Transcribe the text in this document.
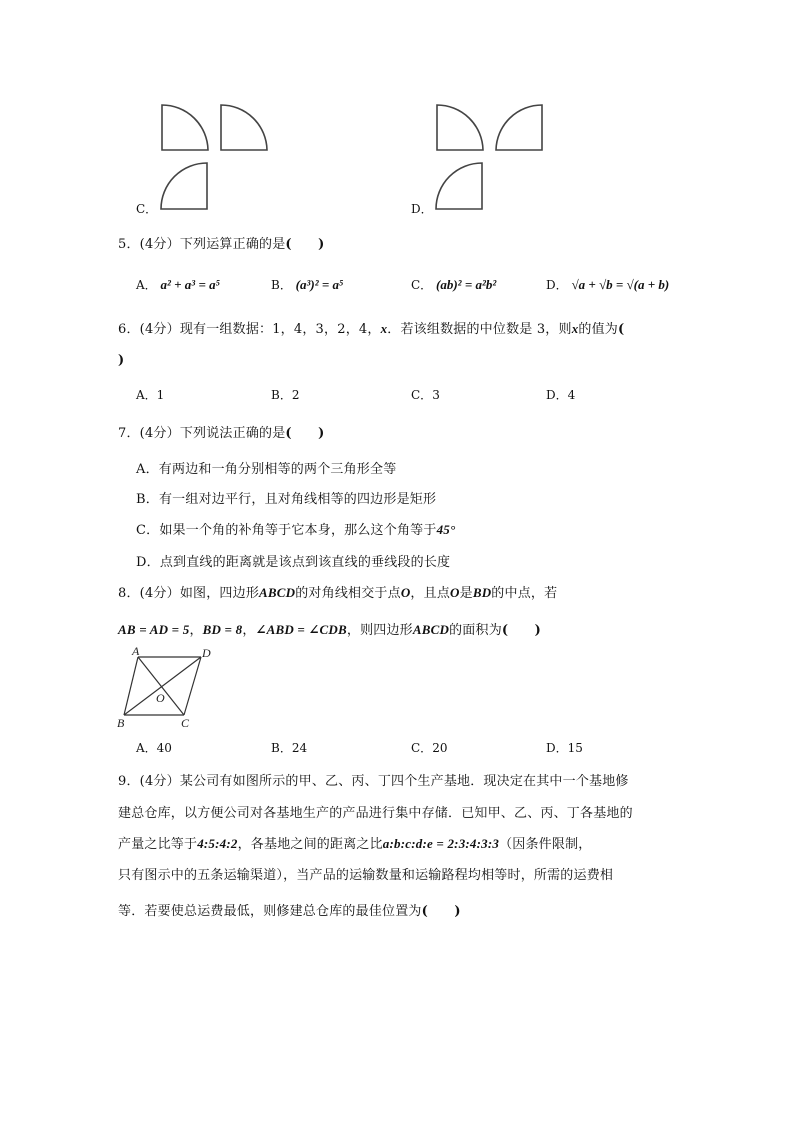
C．	D．
5．(4分）下列运算正确的是(　　)
A． a² + a³ = a⁵	B． (a³)² = a⁵	C． (ab)² = a²b²	D． √a + √b = √(a + b)
6．(4分）现有一组数据：1，4，3，2，4，x．若该组数据的中位数是 3，则x的值为(
)
A．1	B．2	C．3	D．4
7．(4分）下列说法正确的是(　　)
A．有两边和一角分别相等的两个三角形全等
B．有一组对边平行，且对角线相等的四边形是矩形
C．如果一个角的补角等于它本身，那么这个角等于45°
D．点到直线的距离就是该点到该直线的垂线段的长度
8．(4分）如图，四边形ABCD的对角线相交于点O，且点O是BD的中点，若
AB = AD = 5，BD = 8，∠ABD = ∠CDB，则四边形ABCD的面积为(　　)
A	D
B	C
O
A．40	B．24	C．20	D．15
9．(4分）某公司有如图所示的甲、乙、丙、丁四个生产基地．现决定在其中一个基地修
建总仓库，以方便公司对各基地生产的产品进行集中存储．已知甲、乙、丙、丁各基地的
产量之比等于4:5:4:2，各基地之间的距离之比a:b:c:d:e = 2:3:4:3:3（因条件限制，
只有图示中的五条运输渠道），当产品的运输数量和运输路程均相等时，所需的运费相
等．若要使总运费最低，则修建总仓库的最佳位置为(　　)
